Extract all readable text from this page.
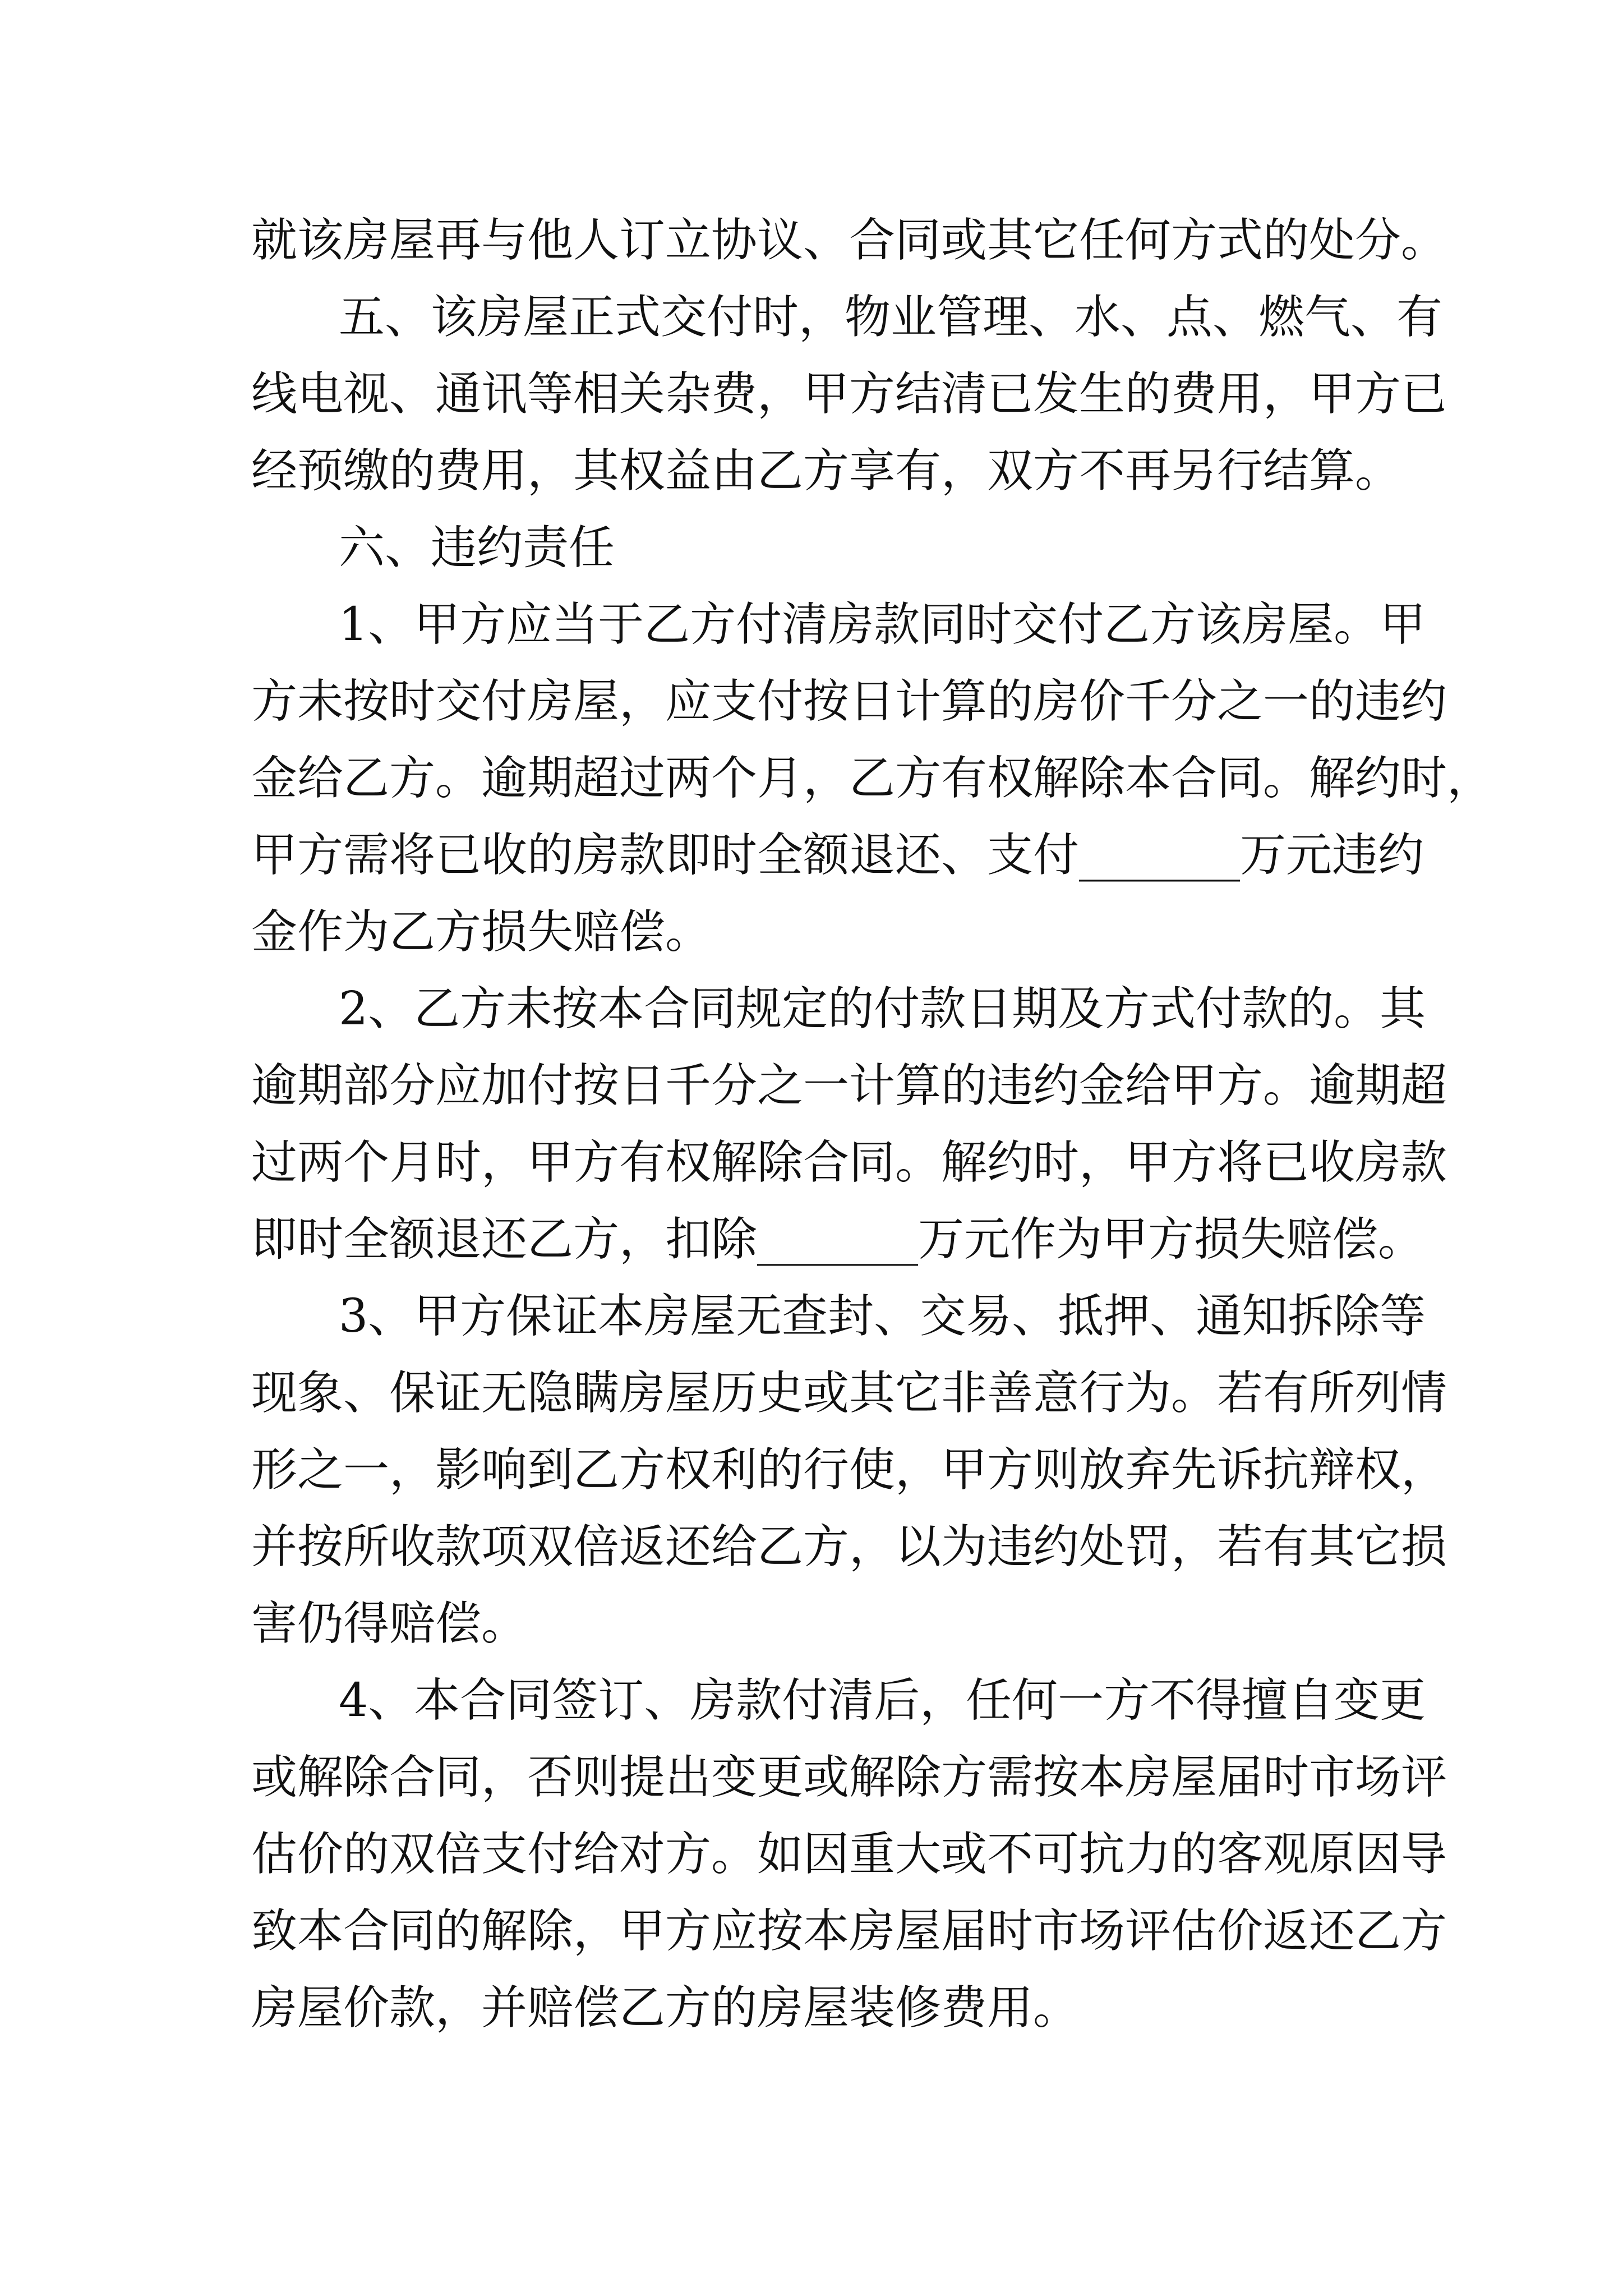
就该房屋再与他人订立协议、合同或其它任何方式的处分。
五、该房屋正式交付时，物业管理、水、点、燃气、有
线电视、通讯等相关杂费，甲方结清已发生的费用，甲方已
经预缴的费用，其权益由乙方享有，双方不再另行结算。
六、违约责任
1、甲方应当于乙方付清房款同时交付乙方该房屋。甲
方未按时交付房屋，应支付按日计算的房价千分之一的违约
金给乙方。逾期超过两个月，乙方有权解除本合同。解约时，
甲方需将已收的房款即时全额退还、支付_______万元违约
金作为乙方损失赔偿。
2、乙方未按本合同规定的付款日期及方式付款的。其
逾期部分应加付按日千分之一计算的违约金给甲方。逾期超
过两个月时，甲方有权解除合同。解约时，甲方将已收房款
即时全额退还乙方，扣除_______万元作为甲方损失赔偿。
3、甲方保证本房屋无查封、交易、抵押、通知拆除等
现象、保证无隐瞒房屋历史或其它非善意行为。若有所列情
形之一，影响到乙方权利的行使，甲方则放弃先诉抗辩权，
并按所收款项双倍返还给乙方，以为违约处罚，若有其它损
害仍得赔偿。
4、本合同签订、房款付清后，任何一方不得擅自变更
或解除合同，否则提出变更或解除方需按本房屋届时市场评
估价的双倍支付给对方。如因重大或不可抗力的客观原因导
致本合同的解除，甲方应按本房屋届时市场评估价返还乙方
房屋价款，并赔偿乙方的房屋装修费用。
